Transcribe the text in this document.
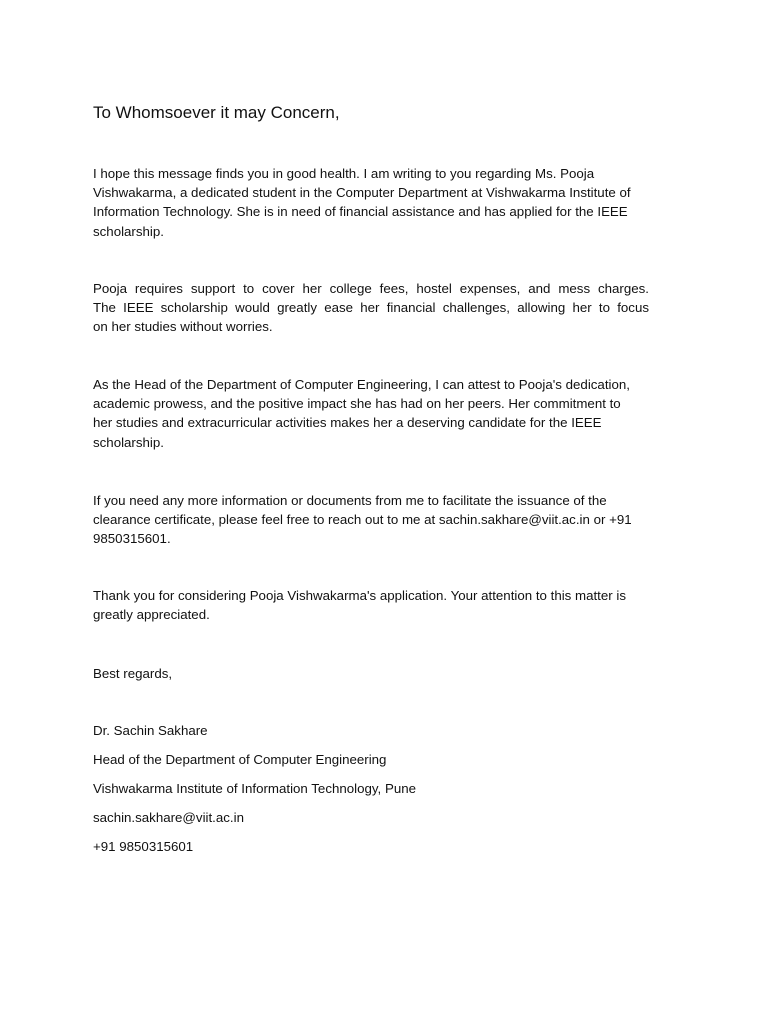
To Whomsoever it may Concern,
I hope this message finds you in good health. I am writing to you regarding Ms. Pooja
Vishwakarma, a dedicated student in the Computer Department at Vishwakarma Institute of
Information Technology. She is in need of financial assistance and has applied for the IEEE
scholarship.
Pooja requires support to cover her college fees, hostel expenses, and mess charges.
The IEEE scholarship would greatly ease her financial challenges, allowing her to focus
on her studies without worries.
As the Head of the Department of Computer Engineering, I can attest to Pooja's dedication,
academic prowess, and the positive impact she has had on her peers. Her commitment to
her studies and extracurricular activities makes her a deserving candidate for the IEEE
scholarship.
If you need any more information or documents from me to facilitate the issuance of the
clearance certificate, please feel free to reach out to me at sachin.sakhare@viit.ac.in or +91
9850315601.
Thank you for considering Pooja Vishwakarma's application. Your attention to this matter is
greatly appreciated.
Best regards,
Dr. Sachin Sakhare
Head of the Department of Computer Engineering
Vishwakarma Institute of Information Technology, Pune
sachin.sakhare@viit.ac.in
+91 9850315601
